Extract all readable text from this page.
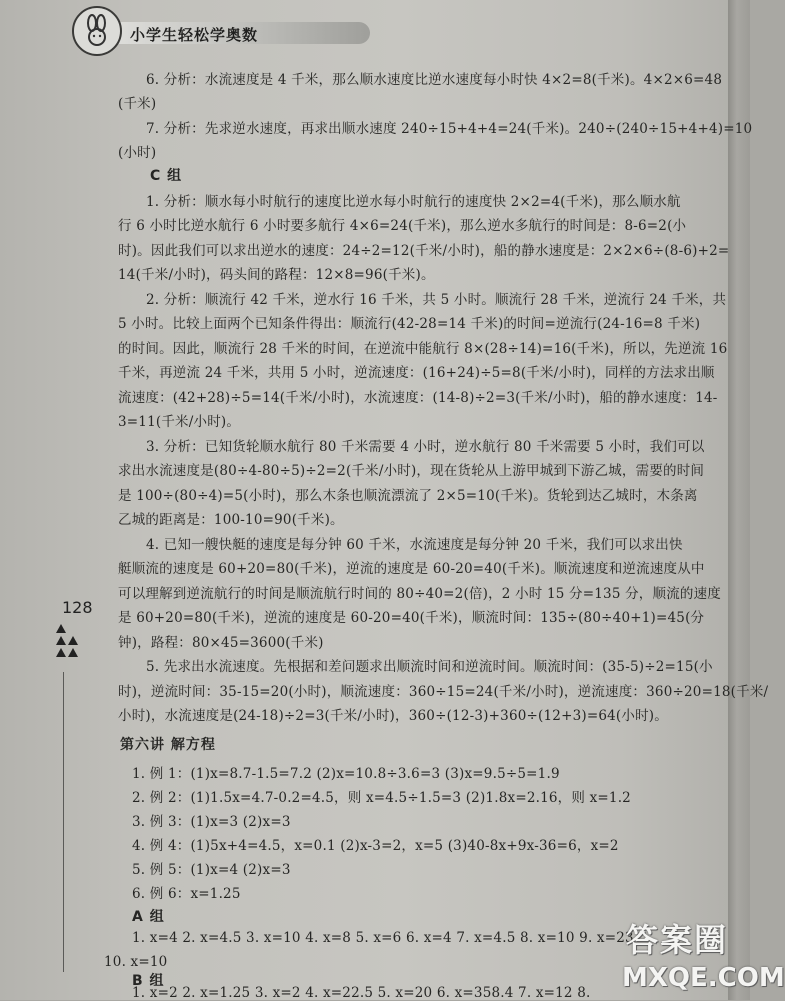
小学生轻松学奥数
6. 分析：水流速度是 4 千米，那么顺水速度比逆水速度每小时快 4×2=8(千米)。4×2×6=48
(千米)
7. 分析：先求逆水速度，再求出顺水速度 240÷15+4+4=24(千米)。240÷(240÷15+4+4)=10
(小时)
C 组
1. 分析：顺水每小时航行的速度比逆水每小时航行的速度快 2×2=4(千米)，那么顺水航
行 6 小时比逆水航行 6 小时要多航行 4×6=24(千米)，那么逆水多航行的时间是：8-6=2(小
时)。因此我们可以求出逆水的速度：24÷2=12(千米/小时)，船的静水速度是：2×2×6÷(8-6)+2=
14(千米/小时)，码头间的路程：12×8=96(千米)。
2. 分析：顺流行 42 千米，逆水行 16 千米，共 5 小时。顺流行 28 千米，逆流行 24 千米，共
5 小时。比较上面两个已知条件得出：顺流行(42-28=14 千米)的时间=逆流行(24-16=8 千米)
的时间。因此，顺流行 28 千米的时间，在逆流中能航行 8×(28÷14)=16(千米)，所以，先逆流 16
千米，再逆流 24 千米，共用 5 小时，逆流速度：(16+24)÷5=8(千米/小时)，同样的方法求出顺
流速度：(42+28)÷5=14(千米/小时)，水流速度：(14-8)÷2=3(千米/小时)，船的静水速度：14-
3=11(千米/小时)。
3. 分析：已知货轮顺水航行 80 千米需要 4 小时，逆水航行 80 千米需要 5 小时，我们可以
求出水流速度是(80÷4-80÷5)÷2=2(千米/小时)，现在货轮从上游甲城到下游乙城，需要的时间
是 100÷(80÷4)=5(小时)，那么木条也顺流漂流了 2×5=10(千米)。货轮到达乙城时，木条离
乙城的距离是：100-10=90(千米)。
4. 已知一艘快艇的速度是每分钟 60 千米，水流速度是每分钟 20 千米，我们可以求出快
艇顺流的速度是 60+20=80(千米)，逆流的速度是 60-20=40(千米)。顺流速度和逆流速度从中
可以理解到逆流航行的时间是顺流航行时间的 80÷40=2(倍)，2 小时 15 分=135 分，顺流的速度
是 60+20=80(千米)，逆流的速度是 60-20=40(千米)，顺流时间：135÷(80÷40+1)=45(分
钟)，路程：80×45=3600(千米)
5. 先求出水流速度。先根据和差问题求出顺流时间和逆流时间。顺流时间：(35-5)÷2=15(小
时)，逆流时间：35-15=20(小时)，顺流速度：360÷15=24(千米/小时)，逆流速度：360÷20=18(千米/
小时)，水流速度是(24-18)÷2=3(千米/小时)，360÷(12-3)+360÷(12+3)=64(小时)。
第六讲 解方程
1. 例 1：(1)x=8.7-1.5=7.2 (2)x=10.8÷3.6=3 (3)x=9.5÷5=1.9
2. 例 2：(1)1.5x=4.7-0.2=4.5，则 x=4.5÷1.5=3 (2)1.8x=2.16，则 x=1.2
3. 例 3：(1)x=3 (2)x=3
4. 例 4：(1)5x+4=4.5，x=0.1 (2)x-3=2，x=5 (3)40-8x+9x-36=6，x=2
5. 例 5：(1)x=4 (2)x=3
6. 例 6：x=1.25
A 组
1. x=4 2. x=4.5 3. x=10 4. x=8 5. x=6 6. x=4 7. x=4.5 8. x=10 9. x=23
10. x=10
B 组
1. x=2 2. x=1.25 3. x=2 4. x=22.5 5. x=20 6. x=358.4 7. x=12 8.
128
答案圈
MXQE.COM
